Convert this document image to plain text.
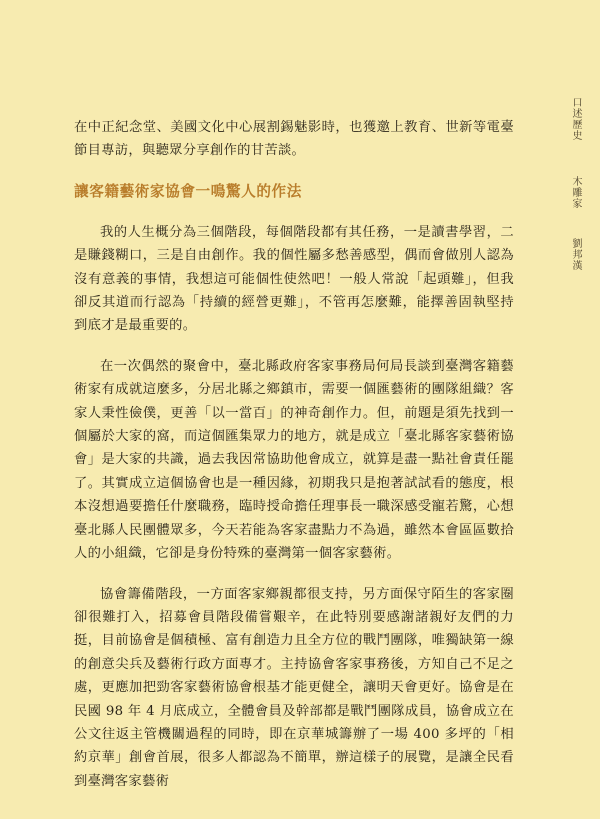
在中正紀念堂、美國文化中心展割錫魅影時，也獲邀上教育、世新等電臺節目專訪，與聽眾分享創作的甘苦談。

讓客籍藝術家協會一鳴驚人的作法

我的人生概分為三個階段，每個階段都有其任務，一是讀書學習，二是賺錢糊口，三是自由創作。我的個性屬多愁善感型，偶而會做別人認為沒有意義的事情，我想這可能個性使然吧！一般人常說「起頭難」，但我卻反其道而行認為「持續的經營更難」，不管再怎麼難，能擇善固執堅持到底才是最重要的。

在一次偶然的聚會中，臺北縣政府客家事務局何局長談到臺灣客籍藝術家有成就這麼多，分居北縣之鄉鎮市，需要一個匯藝術的團隊組織？客家人秉性儉僕，更善「以一當百」的神奇創作力。但，前題是須先找到一個屬於大家的窩，而這個匯集眾力的地方，就是成立「臺北縣客家藝術協會」是大家的共識，過去我因常協助他會成立，就算是盡一點社會責任罷了。其實成立這個協會也是一種因緣，初期我只是抱著試試看的態度，根本沒想過要擔任什麼職務，臨時授命擔任理事長一職深感受寵若驚，心想臺北縣人民團體眾多，今天若能為客家盡點力不為過，雖然本會區區數拾人的小組織，它卻是身份特殊的臺灣第一個客家藝術。

協會籌備階段，一方面客家鄉親都很支持，另方面保守陌生的客家圈卻很難打入，招募會員階段備嘗艱辛，在此特別要感謝諸親好友們的力挺，目前協會是個積極、富有創造力且全方位的戰鬥團隊，唯獨缺第一線的創意尖兵及藝術行政方面專才。主持協會客家事務後，方知自己不足之處，更應加把勁客家藝術協會根基才能更健全，讓明天會更好。協會是在民國 98 年 4 月底成立，全體會員及幹部都是戰鬥團隊成員，協會成立在公文往返主管機關過程的同時，即在京華城籌辦了一場 400 多坪的「相約京華」創會首展，很多人都認為不簡單，辦這樣子的展覽，是讓全民看到臺灣客家藝術

口述歷史
木雕家
劉邦漢
